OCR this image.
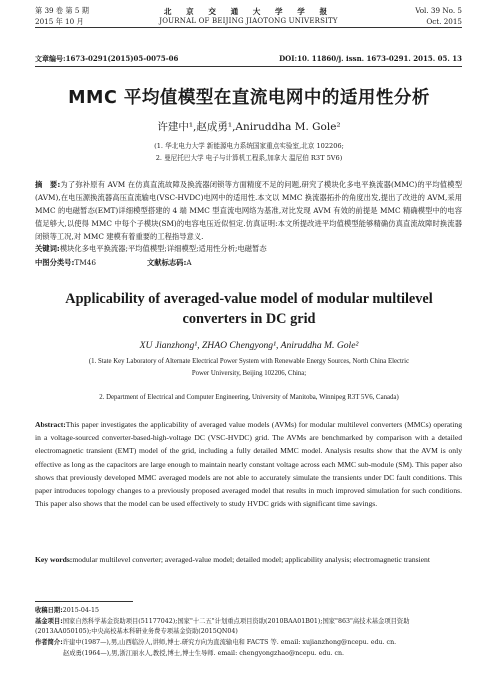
第 39 卷 第 5 期	北 京 交 通 大 学 学 报	Vol. 39 No. 5
2015 年 10 月	JOURNAL OF BEIJING JIAOTONG UNIVERSITY	Oct. 2015
文章编号:1673-0291(2015)05-0075-06	DOI:10. 11860/j. issn. 1673-0291. 2015. 05. 13
MMC 平均值模型在直流电网中的适用性分析
许建中¹,赵成勇¹,Aniruddha M. Gole²
(1. 华北电力大学 新能源电力系统国家重点实验室,北京 102206;
2. 曼尼托巴大学 电子与计算机工程系,加拿大 温尼伯 R3T 5V6)
摘　要:为了弥补原有 AVM 在仿真直流故障及换流器闭锁等方面精度不足的问题,研究了模块化多电平换流器(MMC)的平均值模型(AVM),在电压源换流器高压直流输电(VSC-HVDC)电网中的适用性.本文以 MMC 换流器拓扑的角度出发,提出了改进的 AVM,采用 MMC 的电磁暂态(EMT)详细模型搭建的 4 端 MMC 型直流电网络为基准,对比发现 AVM 有效的前提是 MMC 精确模型中的电容值足够大,以使得 MMC 中每个子模块(SM)的电容电压近似恒定.仿真证明:本文所提改进平均值模型能够精确仿真直流故障时换流器闭锁等工况,对 MMC 建模有着重要的工程指导意义.
关键词:模块化多电平换流器;平均值模型;详细模型;适用性分析;电磁暂态
中图分类号:TM46	文献标志码:A
Applicability of averaged-value model of modular multilevel
converters in DC grid
XU Jianzhong¹, ZHAO Chengyong¹, Aniruddha M. Gole²
(1. State Key Laboratory of Alternate Electrical Power System with Renewable Energy Sources, North China Electric
Power University, Beijing 102206, China;
2. Department of Electrical and Computer Engineering, University of Manitoba, Winnipeg R3T 5V6, Canada)
Abstract:This paper investigates the applicability of averaged value models (AVMs) for modular multilevel converters (MMCs) operating in a voltage-sourced converter-based-high-voltage DC (VSC-HVDC) grid. The AVMs are benchmarked by comparison with a detailed electromagnetic transient (EMT) model of the grid, including a fully detailed MMC model. Analysis results show that the AVM is only effective as long as the capacitors are large enough to maintain nearly constant voltage across each MMC sub-module (SM). This paper also shows that previously developed MMC averaged models are not able to accurately simulate the transients under DC fault conditions. This paper introduces topology changes to a previously proposed averaged model that results in much improved simulation for such conditions. This paper also shows that the model can be used effectively to study HVDC grids with significant time savings.
Key words:modular multilevel converter; averaged-value model; detailed model; applicability analysis; electromagnetic transient
收稿日期:2015-04-15
基金项目:国家自然科学基金资助项目(51177042);国家"十二五"计划重点项目资助(2010BAA01B01);国家"863"高技术基金项目资助(2013AA050105);中央高校基本科研业务费专项基金资助(2015QN04)
作者简介:许建中(1987—),男,山西临汾人,讲师,博士.研究方向为直流输电和 FACTS 等. email: xujianzhong@ncepu. edu. cn.
赵成勇(1964—),男,浙江丽水人,教授,博士,博士生导师. email: chengyongzhao@ncepu. edu. cn.
